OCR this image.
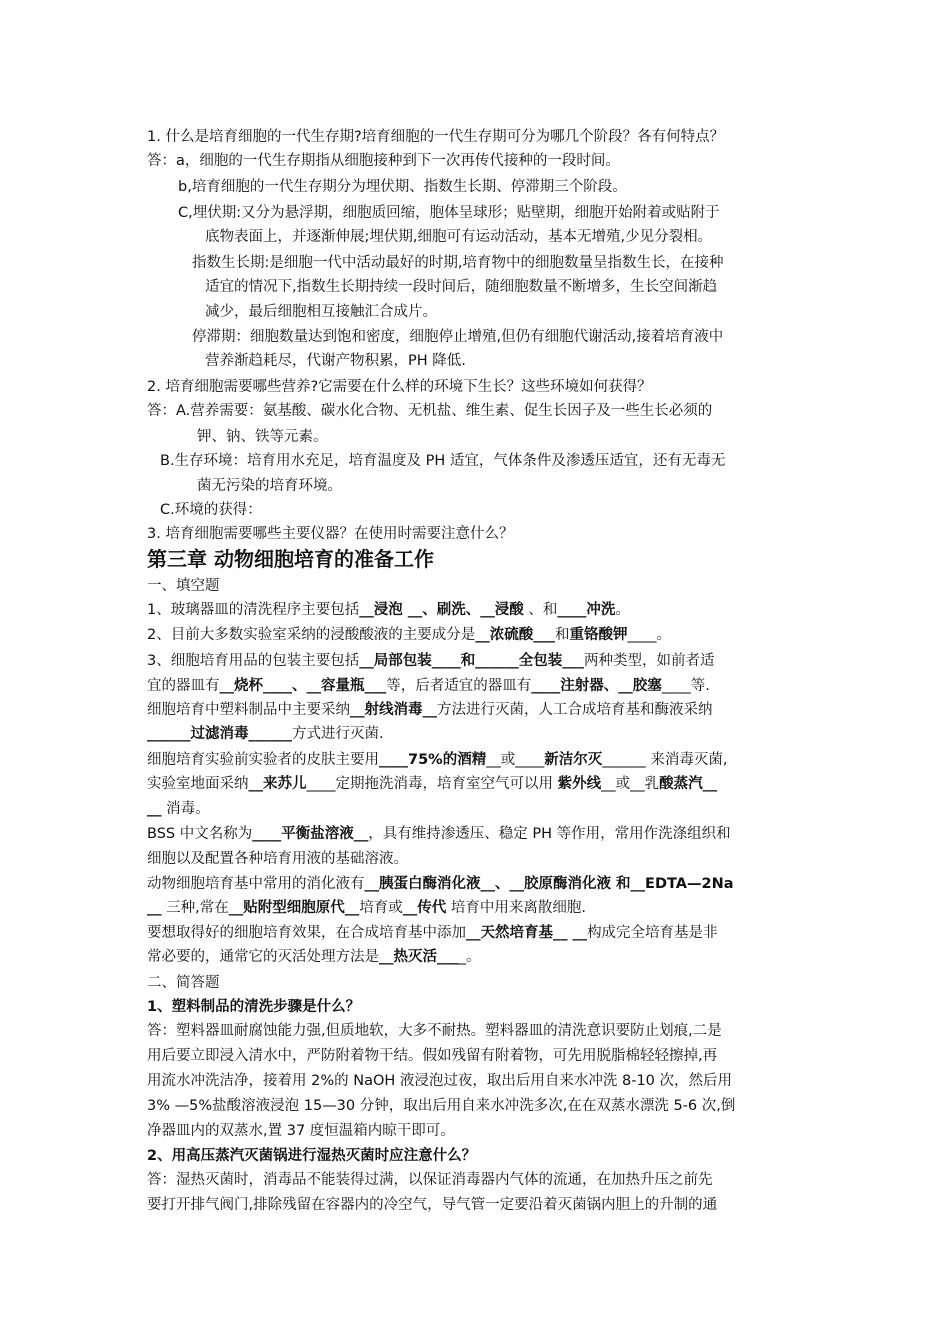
1. 什么是培育细胞的一代生存期?培育细胞的一代生存期可分为哪几个阶段？各有何特点？
答：a，细胞的一代生存期指从细胞接种到下一次再传代接种的一段时间。
b,培育细胞的一代生存期分为埋伏期、指数生长期、停滞期三个阶段。
C,埋伏期:又分为悬浮期，细胞质回缩，胞体呈球形；贴壁期，细胞开始附着或贴附于
底物表面上，并逐渐伸展;埋伏期,细胞可有运动活动，基本无增殖,少见分裂相。
指数生长期:是细胞一代中活动最好的时期,培育物中的细胞数量呈指数生长，在接种
适宜的情况下,指数生长期持续一段时间后，随细胞数量不断增多，生长空间渐趋
减少，最后细胞相互接触汇合成片。
停滞期：细胞数量达到饱和密度，细胞停止增殖,但仍有细胞代谢活动,接着培育液中
营养渐趋耗尽，代谢产物积累，PH 降低.
2. 培育细胞需要哪些营养?它需要在什么样的环境下生长？这些环境如何获得？
答：A.营养需要：氨基酸、碳水化合物、无机盐、维生素、促生长因子及一些生长必须的
钾、钠、铁等元素。
B.生存环境：培育用水充足，培育温度及 PH 适宜，气体条件及渗透压适宜，还有无毒无
菌无污染的培育环境。
C.环境的获得：
3. 培育细胞需要哪些主要仪器？在使用时需要注意什么？
第三章 动物细胞培育的准备工作
一、填空题
1、玻璃器皿的清洗程序主要包括__浸泡 __、刷洗、__浸酸 、和____冲洗。
2、目前大多数实验室采纳的浸酸酸液的主要成分是__浓硫酸___和重铬酸钾____。
3、细胞培育用品的包装主要包括__局部包装____和______全包装___两种类型，如前者适
宜的器皿有__烧杯____、__容量瓶___等，后者适宜的器皿有____注射器、__胶塞____等.
细胞培育中塑料制品中主要采纳__射线消毒__方法进行灭菌，人工合成培育基和酶液采纳
______过滤消毒______方式进行灭菌.
细胞培育实验前实验者的皮肤主要用____75%的酒精__或____新洁尔灭______ 来消毒灭菌,
实验室地面采纳__来苏儿____定期拖洗消毒，培育室空气可以用 紫外线__或__乳酸蒸汽__
__ 消毒。
BSS 中文名称为____平衡盐溶液__，具有维持渗透压、稳定 PH 等作用，常用作洗涤组织和
细胞以及配置各种培育用液的基础溶液。
动物细胞培育基中常用的消化液有__胰蛋白酶消化液__、__胶原酶消化液 和__EDTA—2Na
__ 三种,常在__贴附型细胞原代__培育或__传代 培育中用来离散细胞.
要想取得好的细胞培育效果，在合成培育基中添加__天然培育基__ __构成完全培育基是非
常必要的，通常它的灭活处理方法是__热灭活____。
二、简答题
1、塑料制品的清洗步骤是什么？
答：塑料器皿耐腐蚀能力强,但质地软，大多不耐热。塑料器皿的清洗意识要防止划痕,二是
用后要立即浸入清水中，严防附着物干结。假如残留有附着物，可先用脱脂棉轻轻擦掉,再
用流水冲洗洁净，接着用 2%的 NaOH 液浸泡过夜，取出后用自来水冲洗 8-10 次，然后用
3% —5%盐酸溶液浸泡 15—30 分钟，取出后用自来水冲洗多次,在在双蒸水漂洗 5-6 次,倒
净器皿内的双蒸水,置 37 度恒温箱内晾干即可。
2、用高压蒸汽灭菌锅进行湿热灭菌时应注意什么？
答：湿热灭菌时，消毒品不能装得过满，以保证消毒器内气体的流通，在加热升压之前先
要打开排气阀门,排除残留在容器内的冷空气，导气管一定要沿着灭菌锅内胆上的升制的通
